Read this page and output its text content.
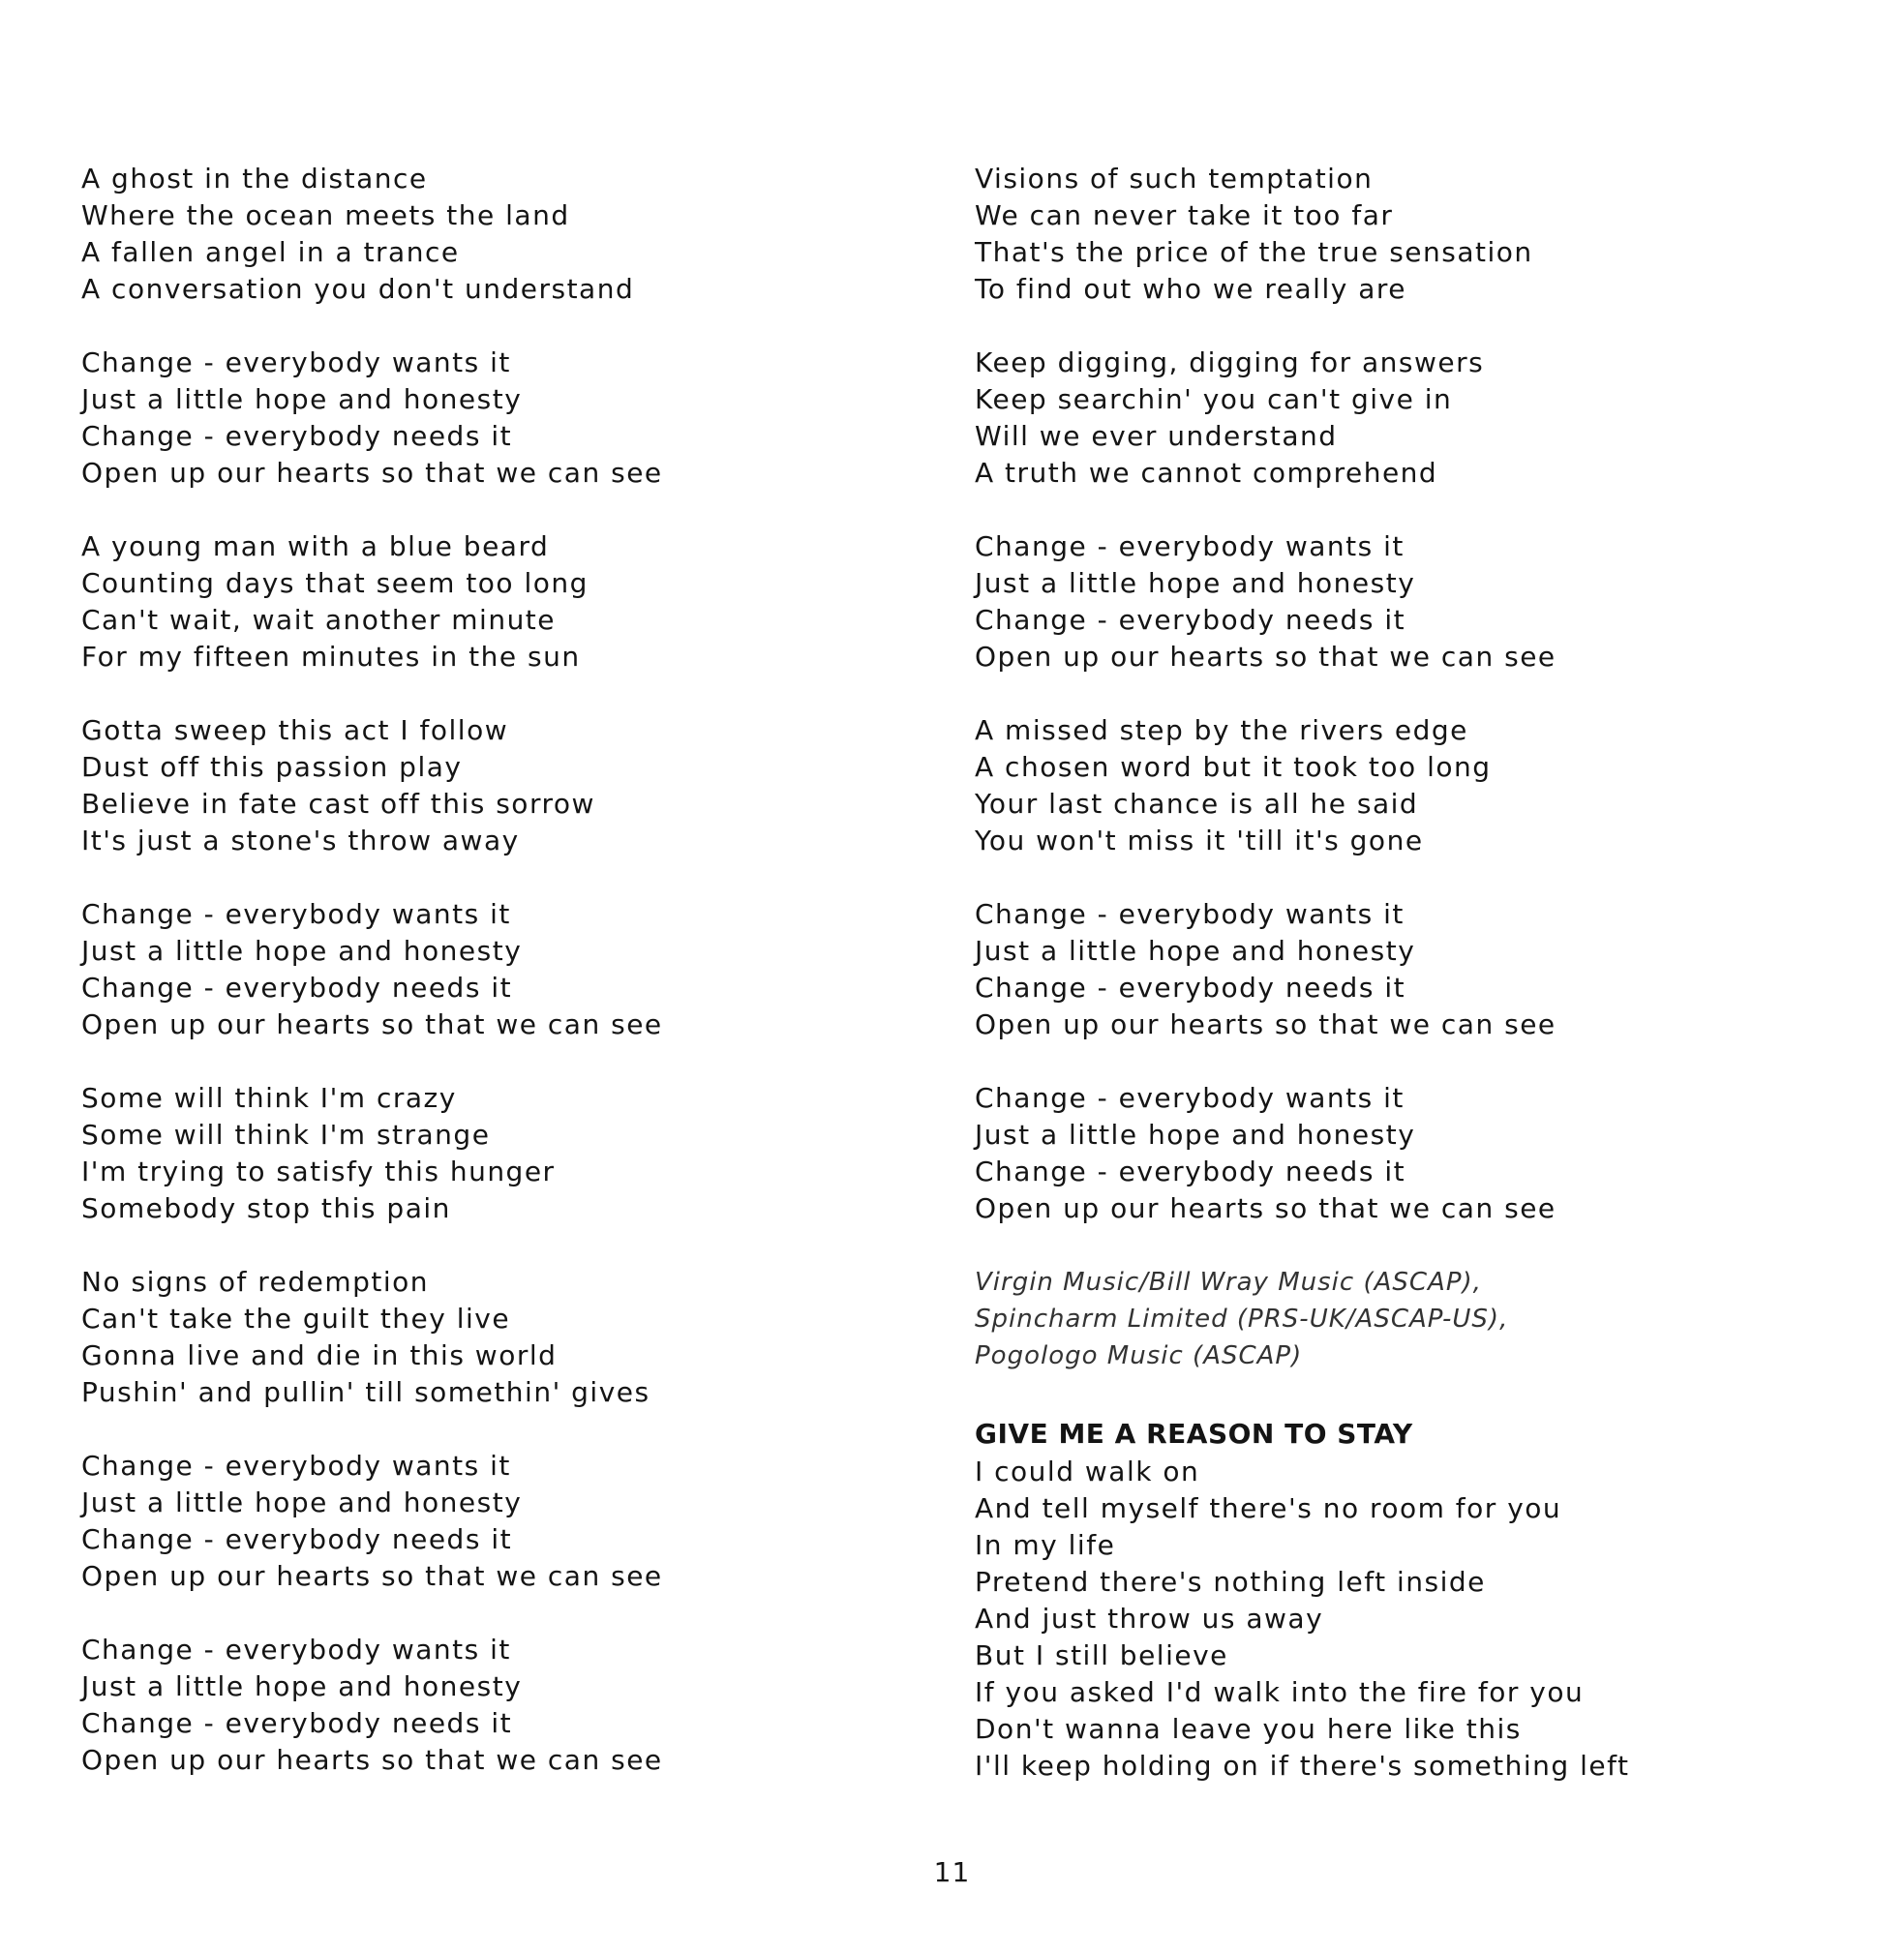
A ghost in the distance
Where the ocean meets the land
A fallen angel in a trance
A conversation you don't understand
Change - everybody wants it
Just a little hope and honesty
Change - everybody needs it
Open up our hearts so that we can see
A young man with a blue beard
Counting days that seem too long
Can't wait, wait another minute
For my fifteen minutes in the sun
Gotta sweep this act I follow
Dust off this passion play
Believe in fate cast off this sorrow
It's just a stone's throw away
Change - everybody wants it
Just a little hope and honesty
Change - everybody needs it
Open up our hearts so that we can see
Some will think I'm crazy
Some will think I'm strange
I'm trying to satisfy this hunger
Somebody stop this pain
No signs of redemption
Can't take the guilt they live
Gonna live and die in this world
Pushin' and pullin' till somethin' gives
Change - everybody wants it
Just a little hope and honesty
Change - everybody needs it
Open up our hearts so that we can see
Change - everybody wants it
Just a little hope and honesty
Change - everybody needs it
Open up our hearts so that we can see
Visions of such temptation
We can never take it too far
That's the price of the true sensation
To find out who we really are
Keep digging, digging for answers
Keep searchin' you can't give in
Will we ever understand
A truth we cannot comprehend
Change - everybody wants it
Just a little hope and honesty
Change - everybody needs it
Open up our hearts so that we can see
A missed step by the rivers edge
A chosen word but it took too long
Your last chance is all he said
You won't miss it 'till it's gone
Change - everybody wants it
Just a little hope and honesty
Change - everybody needs it
Open up our hearts so that we can see
Change - everybody wants it
Just a little hope and honesty
Change - everybody needs it
Open up our hearts so that we can see
Virgin Music/Bill Wray Music (ASCAP),
Spincharm Limited (PRS-UK/ASCAP-US),
Pogologo Music (ASCAP)
GIVE ME A REASON TO STAY
I could walk on
And tell myself there's no room for you
In my life
Pretend there's nothing left inside
And just throw us away
But I still believe
If you asked I'd walk into the fire for you
Don't wanna leave you here like this
I'll keep holding on if there's something left
11
